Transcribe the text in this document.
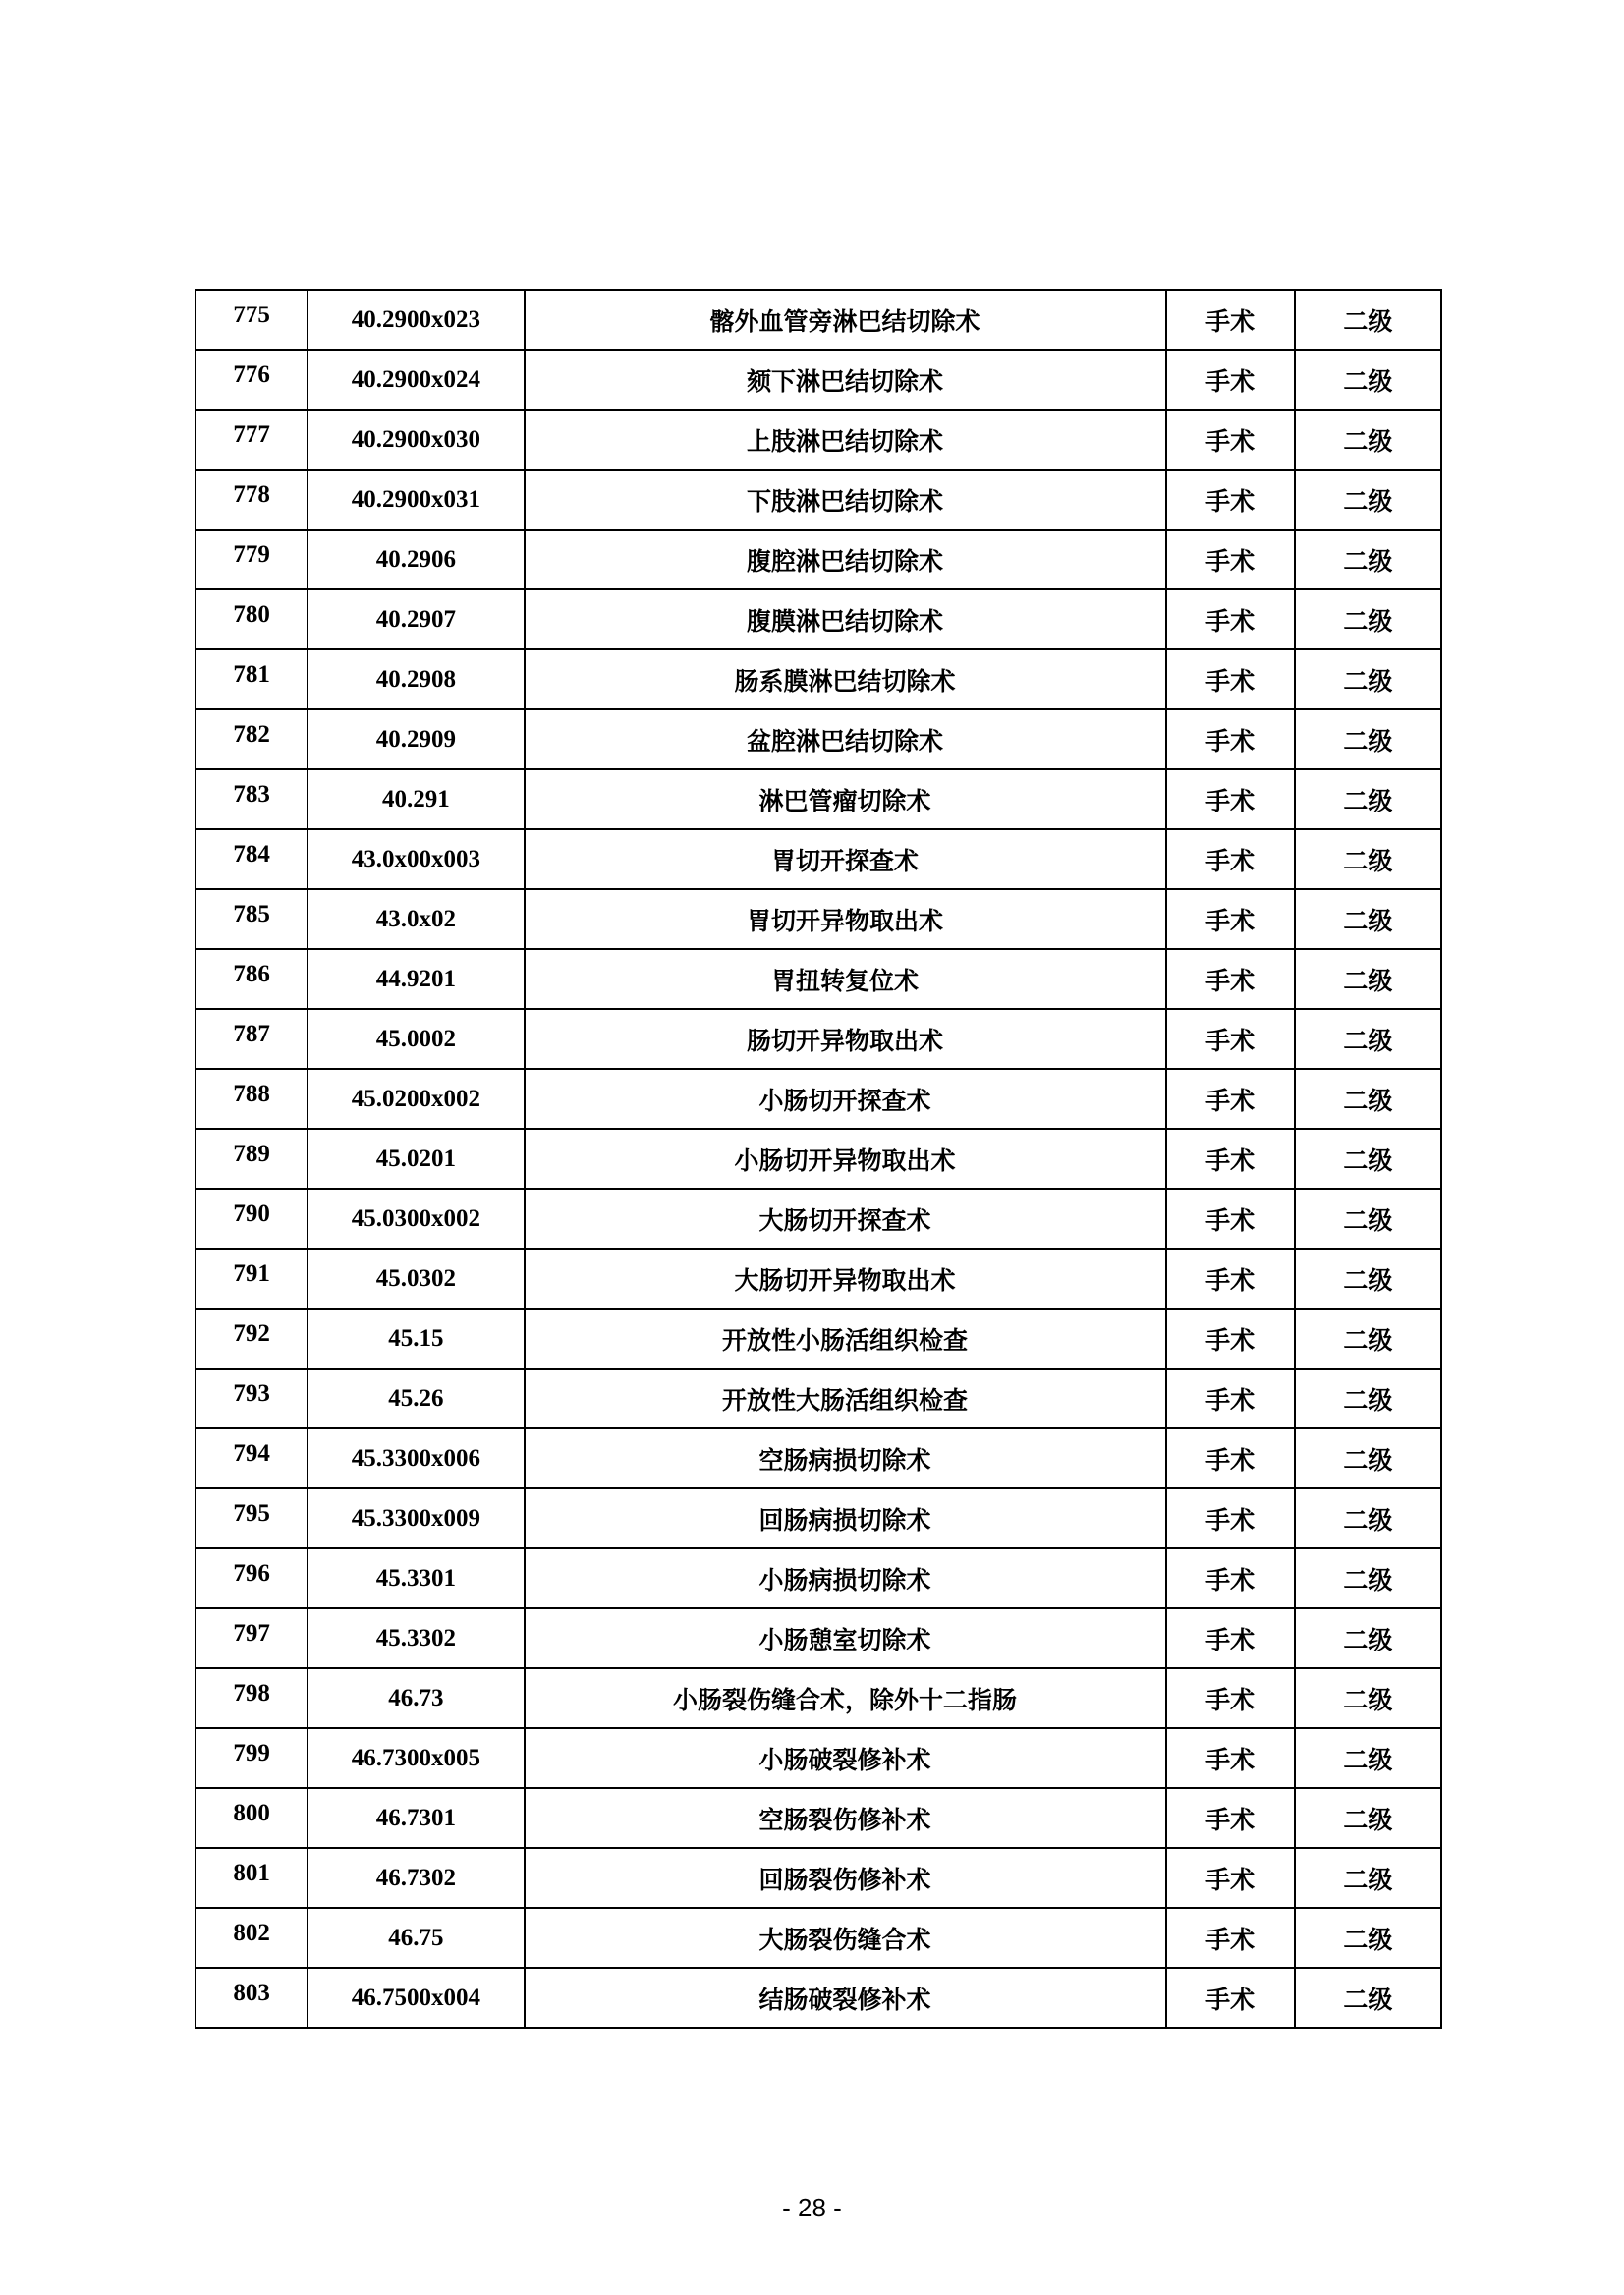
775	40.2900x023	髂外血管旁淋巴结切除术	手术	二级
776	40.2900x024	颏下淋巴结切除术	手术	二级
777	40.2900x030	上肢淋巴结切除术	手术	二级
778	40.2900x031	下肢淋巴结切除术	手术	二级
779	40.2906	腹腔淋巴结切除术	手术	二级
780	40.2907	腹膜淋巴结切除术	手术	二级
781	40.2908	肠系膜淋巴结切除术	手术	二级
782	40.2909	盆腔淋巴结切除术	手术	二级
783	40.291	淋巴管瘤切除术	手术	二级
784	43.0x00x003	胃切开探查术	手术	二级
785	43.0x02	胃切开异物取出术	手术	二级
786	44.9201	胃扭转复位术	手术	二级
787	45.0002	肠切开异物取出术	手术	二级
788	45.0200x002	小肠切开探查术	手术	二级
789	45.0201	小肠切开异物取出术	手术	二级
790	45.0300x002	大肠切开探查术	手术	二级
791	45.0302	大肠切开异物取出术	手术	二级
792	45.15	开放性小肠活组织检查	手术	二级
793	45.26	开放性大肠活组织检查	手术	二级
794	45.3300x006	空肠病损切除术	手术	二级
795	45.3300x009	回肠病损切除术	手术	二级
796	45.3301	小肠病损切除术	手术	二级
797	45.3302	小肠憩室切除术	手术	二级
798	46.73	小肠裂伤缝合术，除外十二指肠	手术	二级
799	46.7300x005	小肠破裂修补术	手术	二级
800	46.7301	空肠裂伤修补术	手术	二级
801	46.7302	回肠裂伤修补术	手术	二级
802	46.75	大肠裂伤缝合术	手术	二级
803	46.7500x004	结肠破裂修补术	手术	二级
- 28 -
